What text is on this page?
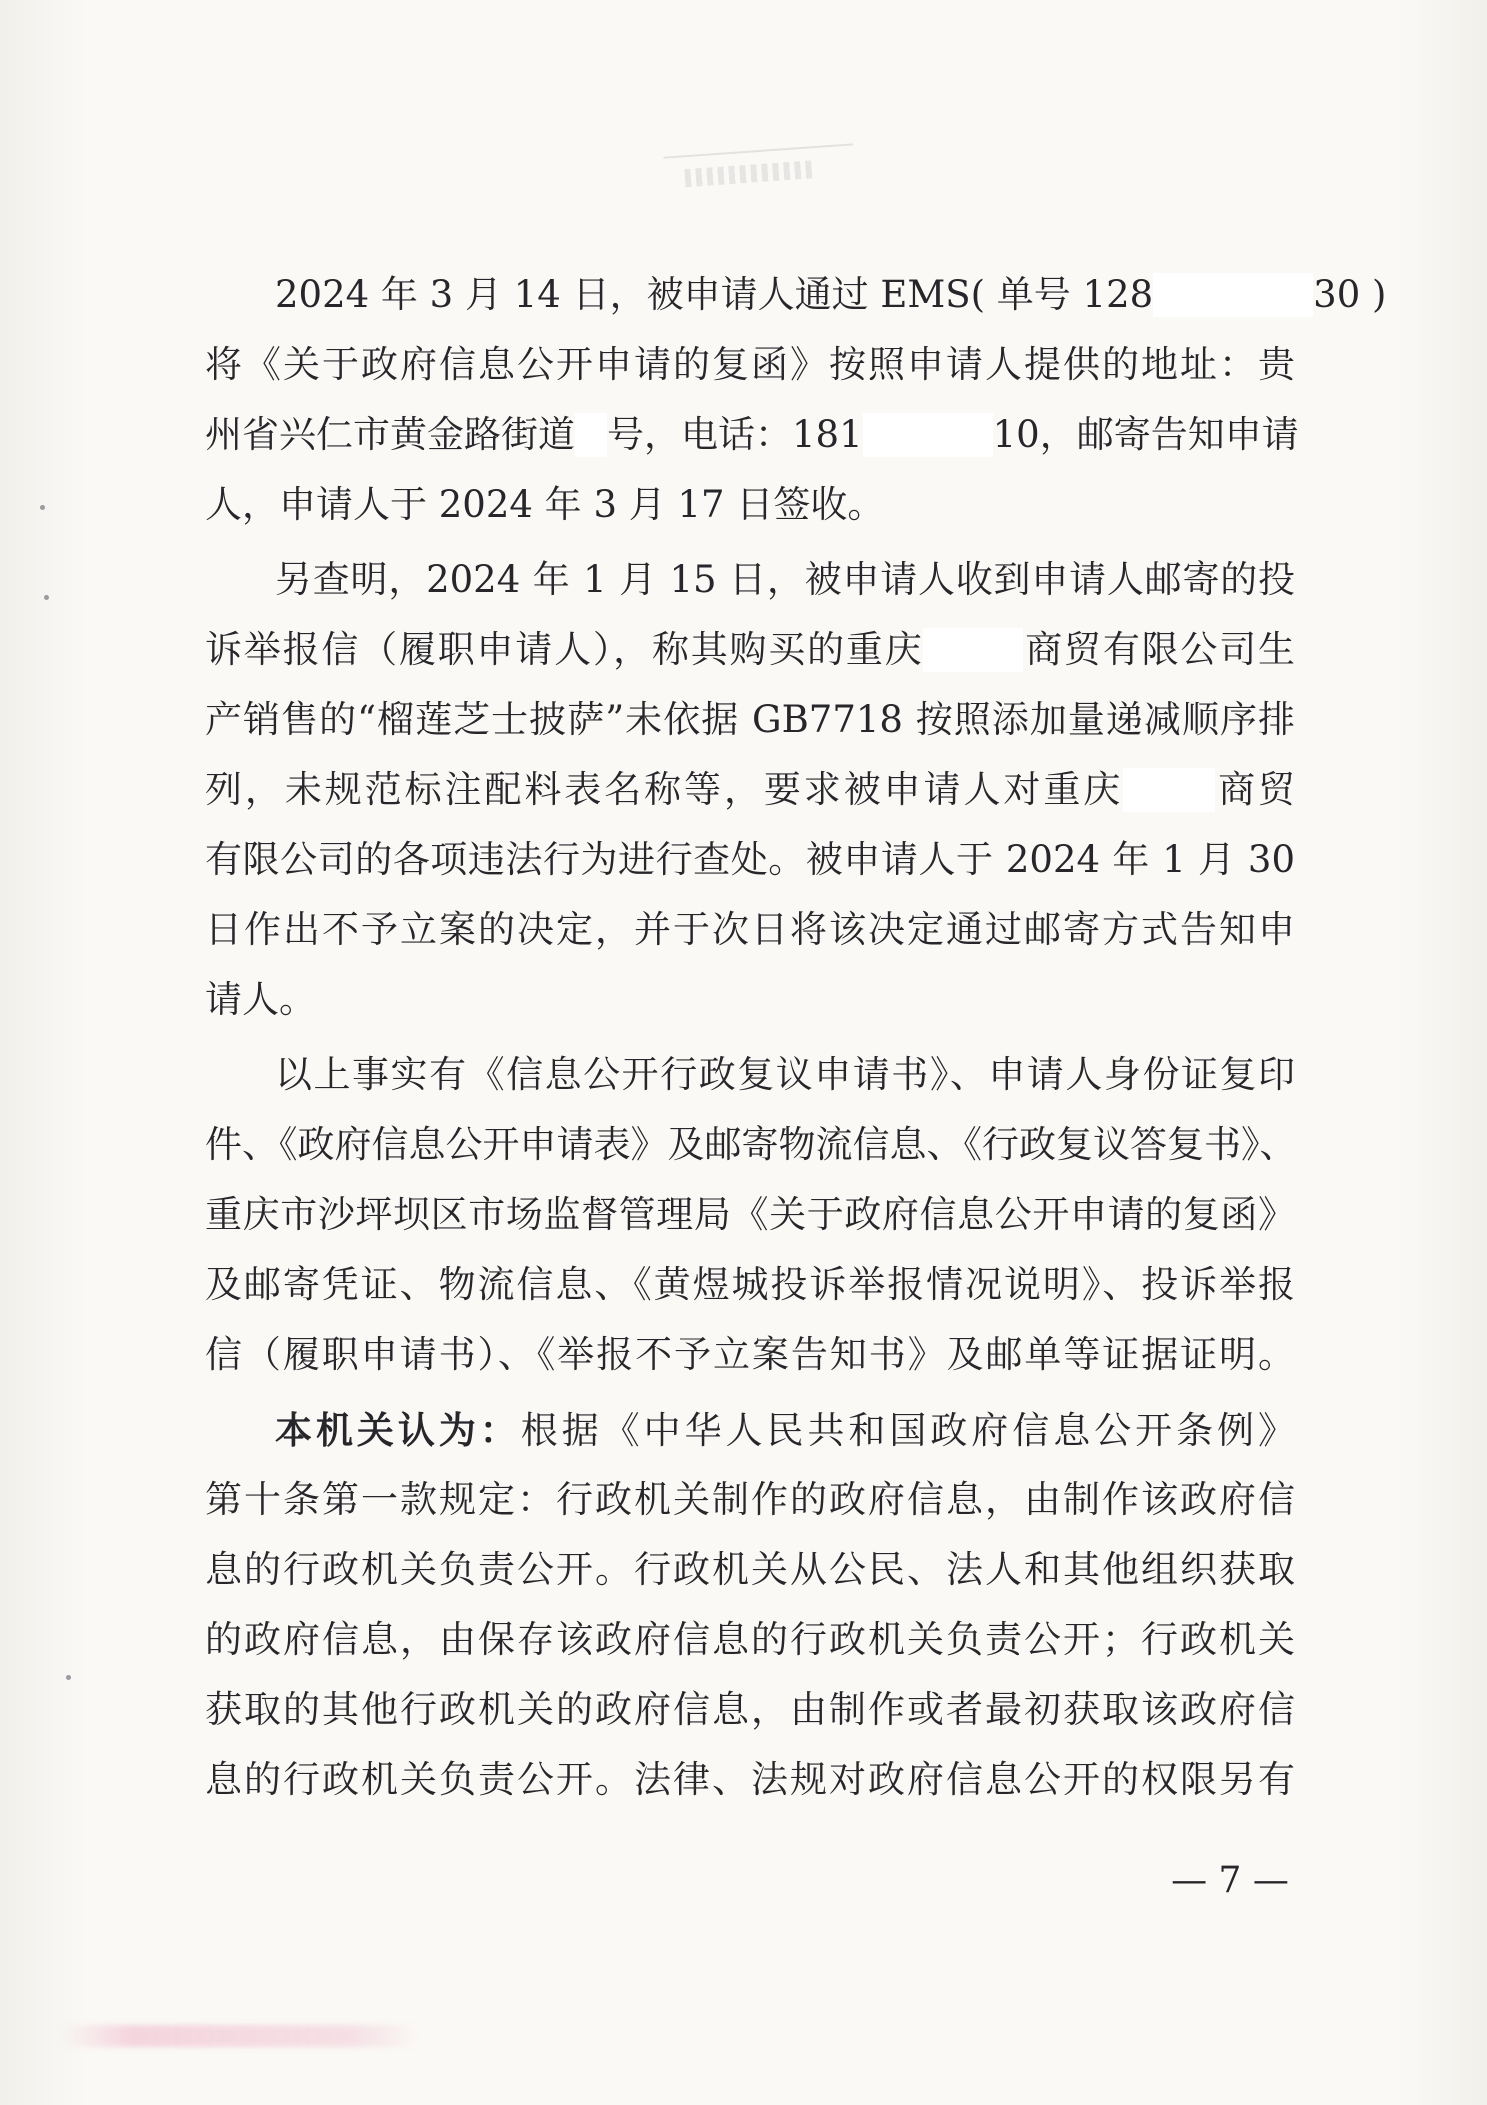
2024 年 3 月 14 日，被申请人通过 EMS( 单号 128	30 )
将《关于政府信息公开申请的复函》按照申请人提供的地址：贵
州省兴仁市黄金路街道 号，电话：181	10，邮寄告知申请
人，申请人于 2024 年 3 月 17 日签收。
另查明，2024 年 1 月 15 日，被申请人收到申请人邮寄的投
诉举报信（履职申请人），称其购买的重庆	商贸有限公司生
产销售的“榴莲芝士披萨”未依据 GB7718 按照添加量递减顺序排
列，未规范标注配料表名称等，要求被申请人对重庆 商贸
有限公司的各项违法行为进行查处。被申请人于 2024 年 1 月 30
日作出不予立案的决定，并于次日将该决定通过邮寄方式告知申
请人。
以上事实有《信息公开行政复议申请书》、申请人身份证复印
件、《政府信息公开申请表》及邮寄物流信息、《行政复议答复书》、
重庆市沙坪坝区市场监督管理局《关于政府信息公开申请的复函》
及邮寄凭证、物流信息、《黄煜城投诉举报情况说明》、投诉举报
信（履职申请书）、《举报不予立案告知书》及邮单等证据证明。
本机关认为：根据《中华人民共和国政府信息公开条例》
第十条第一款规定：行政机关制作的政府信息，由制作该政府信
息的行政机关负责公开。行政机关从公民、法人和其他组织获取
的政府信息，由保存该政府信息的行政机关负责公开；行政机关
获取的其他行政机关的政府信息，由制作或者最初获取该政府信
息的行政机关负责公开。法律、法规对政府信息公开的权限另有
— 7 —
